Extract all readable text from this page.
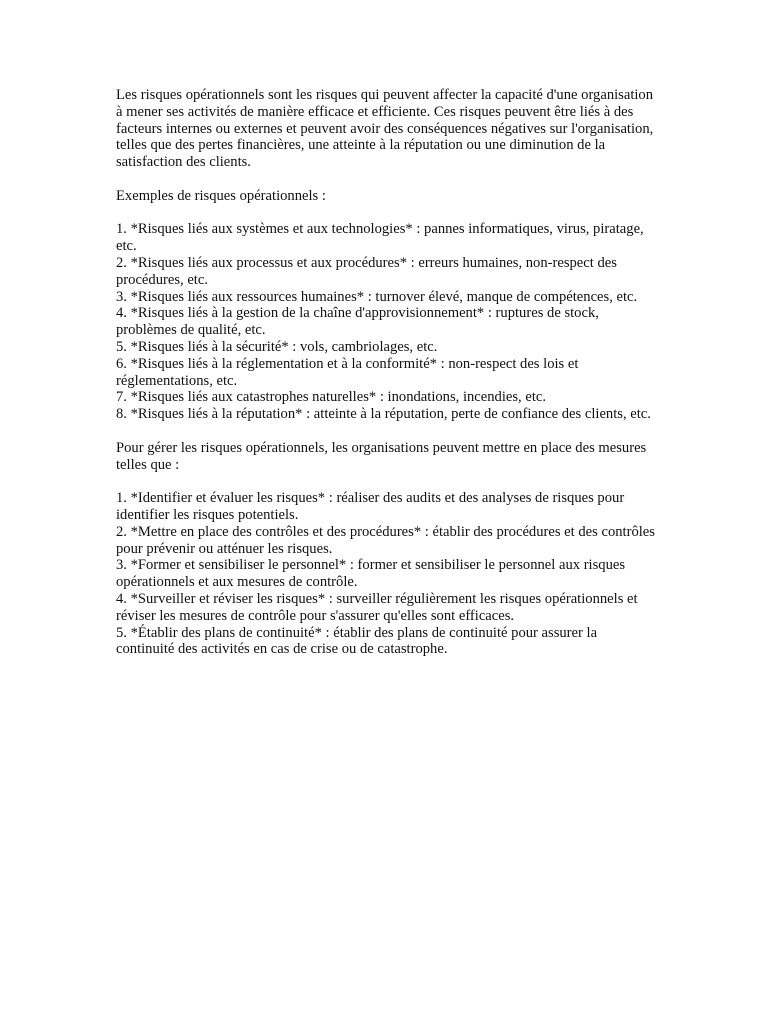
Les risques opérationnels sont les risques qui peuvent affecter la capacité d'une organisation à mener ses activités de manière efficace et efficiente. Ces risques peuvent être liés à des facteurs internes ou externes et peuvent avoir des conséquences négatives sur l'organisation, telles que des pertes financières, une atteinte à la réputation ou une diminution de la satisfaction des clients.

Exemples de risques opérationnels :

1. *Risques liés aux systèmes et aux technologies* : pannes informatiques, virus, piratage, etc.
2. *Risques liés aux processus et aux procédures* : erreurs humaines, non-respect des procédures, etc.
3. *Risques liés aux ressources humaines* : turnover élevé, manque de compétences, etc.
4. *Risques liés à la gestion de la chaîne d'approvisionnement* : ruptures de stock, problèmes de qualité, etc.
5. *Risques liés à la sécurité* : vols, cambriolages, etc.
6. *Risques liés à la réglementation et à la conformité* : non-respect des lois et réglementations, etc.
7. *Risques liés aux catastrophes naturelles* : inondations, incendies, etc.
8. *Risques liés à la réputation* : atteinte à la réputation, perte de confiance des clients, etc.

Pour gérer les risques opérationnels, les organisations peuvent mettre en place des mesures telles que :

1. *Identifier et évaluer les risques* : réaliser des audits et des analyses de risques pour identifier les risques potentiels.
2. *Mettre en place des contrôles et des procédures* : établir des procédures et des contrôles pour prévenir ou atténuer les risques.
3. *Former et sensibiliser le personnel* : former et sensibiliser le personnel aux risques opérationnels et aux mesures de contrôle.
4. *Surveiller et réviser les risques* : surveiller régulièrement les risques opérationnels et réviser les mesures de contrôle pour s'assurer qu'elles sont efficaces.
5. *Établir des plans de continuité* : établir des plans de continuité pour assurer la continuité des activités en cas de crise ou de catastrophe.
